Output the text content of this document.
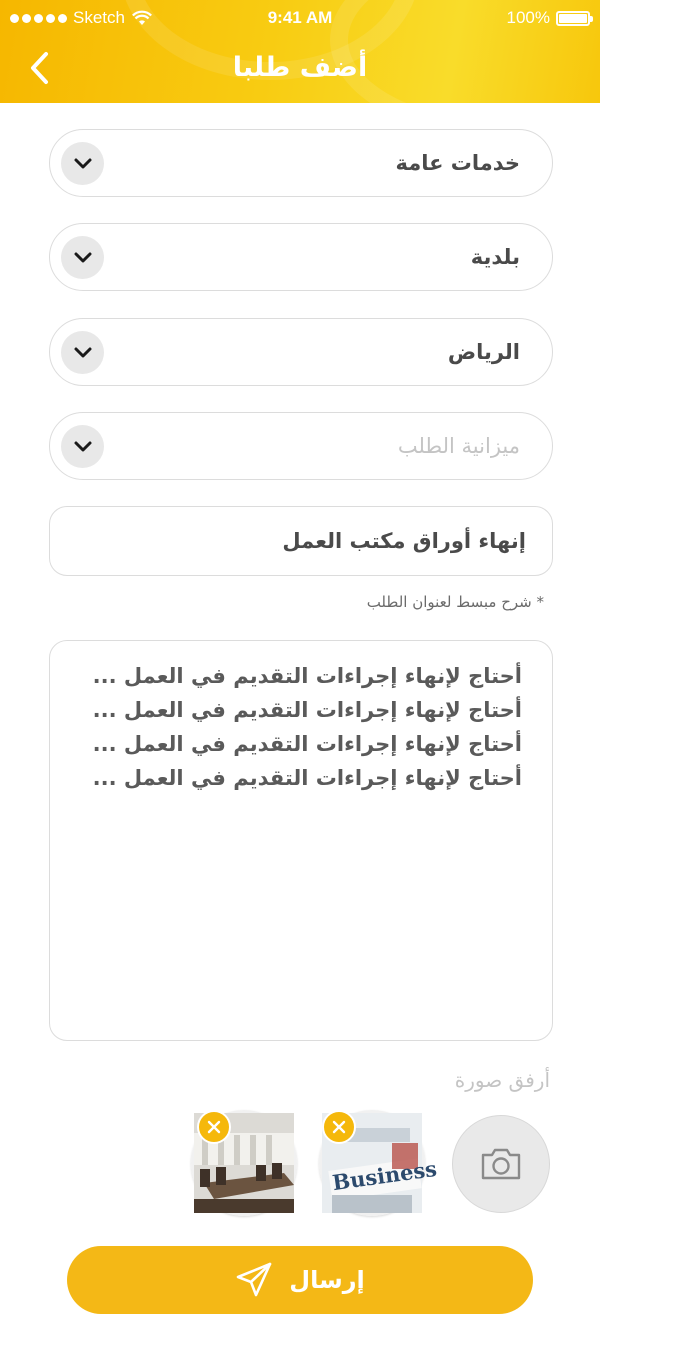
Sketch	9:41 AM	100%
أضف طلبا
خدمات عامة
بلدية
الرياض
ميزانية الطلب
إنهاء أوراق مكتب العمل
* شرح مبسط لعنوان الطلب
أحتاج لإنهاء إجراءات التقديم في العمل ... أحتاج لإنهاء إجراءات التقديم في العمل ... أحتاج لإنهاء إجراءات التقديم في العمل ... أحتاج لإنهاء إجراءات التقديم في العمل ...
أرفق صورة
Business
إرسال
